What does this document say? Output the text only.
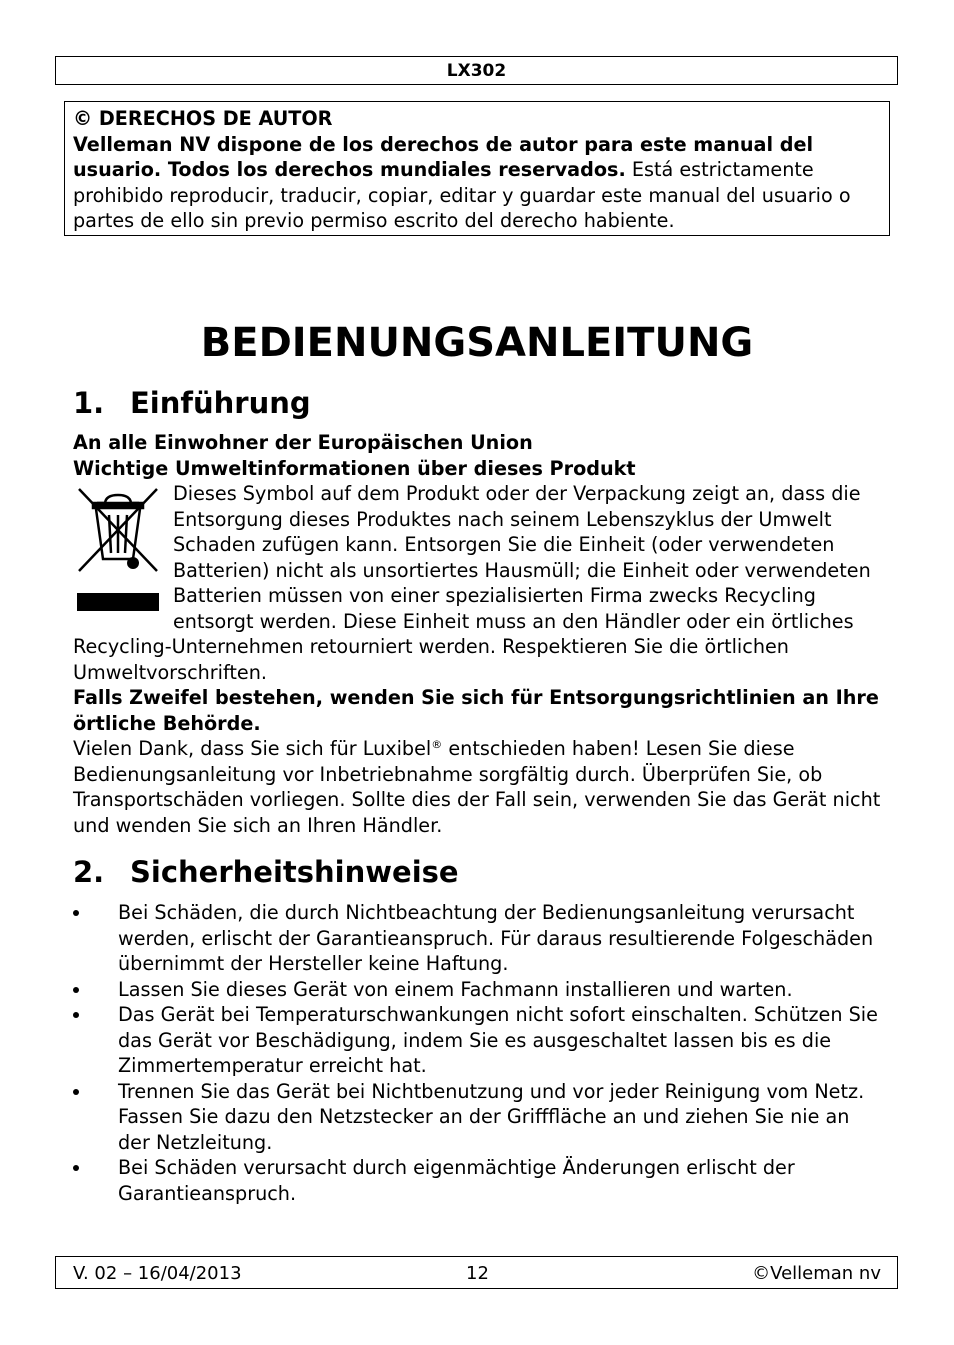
LX302

© DERECHOS DE AUTOR

Velleman NV dispone de los derechos de autor para este manual del usuario. Todos los derechos mundiales reservados. Está estrictamente prohibido reproducir, traducir, copiar, editar y guardar este manual del usuario o partes de ello sin previo permiso escrito del derecho habiente.

BEDIENUNGSANLEITUNG
1. Einführung

An alle Einwohner der Europäischen Union

Wichtige Umweltinformationen über dieses Produkt

Dieses Symbol auf dem Produkt oder der Verpackung zeigt an, dass die Entsorgung dieses Produktes nach seinem Lebenszyklus der Umwelt Schaden zufügen kann. Entsorgen Sie die Einheit (oder verwendeten Batterien) nicht als unsortiertes Hausmüll; die Einheit oder verwendeten Batterien müssen von einer spezialisierten Firma zwecks Recycling entsorgt werden. Diese Einheit muss an den Händler oder ein örtliches Recycling-Unternehmen retourniert werden. Respektieren Sie die örtlichen Umweltvorschriften.

Falls Zweifel bestehen, wenden Sie sich für Entsorgungsrichtlinien an Ihre örtliche Behörde.

Vielen Dank, dass Sie sich für Luxibel® entschieden haben! Lesen Sie diese Bedienungsanleitung vor Inbetriebnahme sorgfältig durch. Überprüfen Sie, ob Transportschäden vorliegen. Sollte dies der Fall sein, verwenden Sie das Gerät nicht und wenden Sie sich an Ihren Händler.

2. Sicherheitshinweise
Bei Schäden, die durch Nichtbeachtung der Bedienungsanleitung verursacht werden, erlischt der Garantieanspruch. Für daraus resultierende Folgeschäden übernimmt der Hersteller keine Haftung.
Lassen Sie dieses Gerät von einem Fachmann installieren und warten.
Das Gerät bei Temperaturschwankungen nicht sofort einschalten. Schützen Sie das Gerät vor Beschädigung, indem Sie es ausgeschaltet lassen bis es die Zimmertemperatur erreicht hat.
Trennen Sie das Gerät bei Nichtbenutzung und vor jeder Reinigung vom Netz. Fassen Sie dazu den Netzstecker an der Grifffläche an und ziehen Sie nie an der Netzleitung.
Bei Schäden verursacht durch eigenmächtige Änderungen erlischt der Garantieanspruch.
V. 02 – 16/04/2013	12	©Velleman nv
